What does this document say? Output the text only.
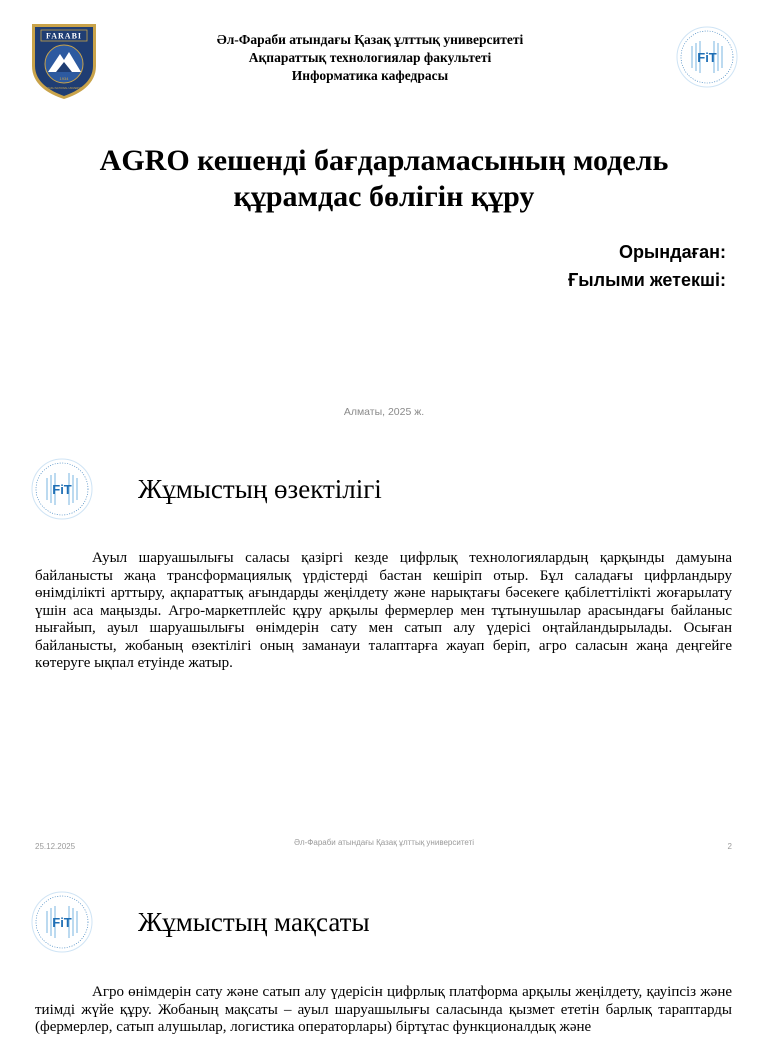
FARABI
1934
KAZAKH NATIONAL UNIVERSITY
Әл-Фараби атындағы Қазақ ұлттық университеті
Ақпараттық технологиялар факультеті
Информатика кафедрасы
FiT
AGRO кешенді бағдарламасының модель
құрамдас бөлігін құру
Орындаған:
Ғылыми жетекші:
Алматы, 2025 ж.
FiT Жұмыстың өзектілігі

Ауыл шаруашылығы саласы қазіргі кезде цифрлық технологиялардың қарқынды дамуына байланысты жаңа трансформациялық үрдістерді бастан кешіріп отыр. Бұл саладағы цифрландыру өнімділікті арттыру, ақпараттық ағындарды жеңілдету және нарықтағы бәсекеге қабілеттілікті жоғарылату үшін аса маңызды. Агро-маркетплейс құру арқылы фермерлер мен тұтынушылар арасындағы байланыс нығайып, ауыл шаруашылығы өнімдерін сату мен сатып алу үдерісі оңтайландырылады. Осыған байланысты, жобаның өзектілігі оның заманауи талаптарға жауап беріп, агро саласын жаңа деңгейге көтеруге ықпал етуінде жатыр.

25.12.2025	Әл-Фараби атындағы Қазақ ұлттық университеті	2
FiT Жұмыстың мақсаты

Агро өнімдерін сату және сатып алу үдерісін цифрлық платформа арқылы жеңілдету, қауіпсіз және тиімді жүйе құру. Жобаның мақсаты – ауыл шаруашылығы саласында қызмет ететін барлық тараптарды (фермерлер, сатып алушылар, логистика операторлары) біртұтас функционалдық және
